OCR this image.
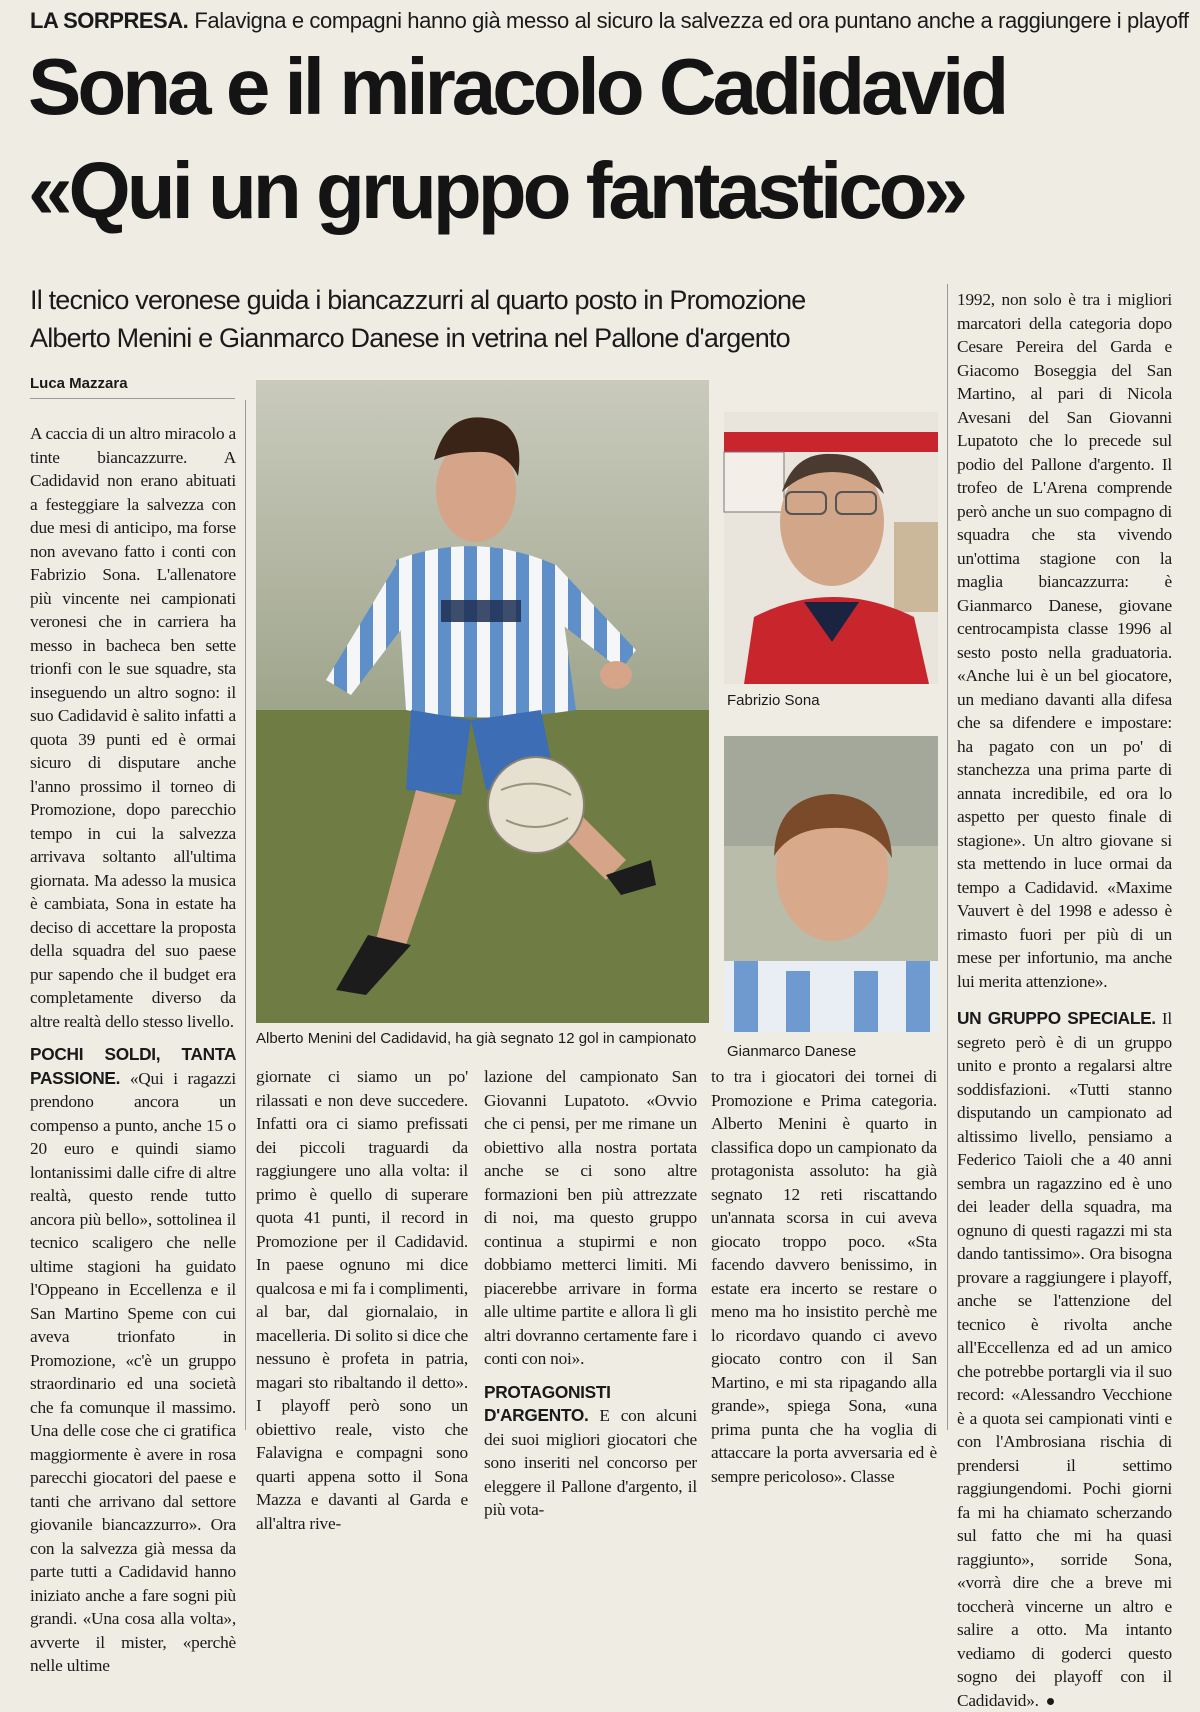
LA SORPRESA. Falavigna e compagni hanno già messo al sicuro la salvezza ed ora puntano anche a raggiungere i playoff
Sona e il miracolo Cadidavid
«Qui un gruppo fantastico»
Il tecnico veronese guida i biancazzurri al quarto posto in Promozione
Alberto Menini e Gianmarco Danese in vetrina nel Pallone d'argento
Luca Mazzara
Alberto Menini del Cadidavid, ha già segnato 12 gol in campionato
Fabrizio Sona
Gianmarco Danese

A caccia di un altro miracolo a tinte biancazzurre. A Cadidavid non erano abituati a festeggiare la salvezza con due mesi di anticipo, ma forse non avevano fatto i conti con Fabrizio Sona. L'allenatore più vincente nei campionati veronesi che in carriera ha messo in bacheca ben sette trionfi con le sue squadre, sta inseguendo un altro sogno: il suo Cadidavid è salito infatti a quota 39 punti ed è ormai sicuro di disputare anche l'anno prossimo il torneo di Promozione, dopo parecchio tempo in cui la salvezza arrivava soltanto all'ultima giornata. Ma adesso la musica è cambiata, Sona in estate ha deciso di accettare la proposta della squadra del suo paese pur sapendo che il budget era completamente diverso da altre realtà dello stesso livello.

POCHI SOLDI, TANTA PASSIONE. «Qui i ragazzi prendono ancora un compenso a punto, anche 15 o 20 euro e quindi siamo lontanissimi dalle cifre di altre realtà, questo rende tutto ancora più bello», sottolinea il tecnico scaligero che nelle ultime stagioni ha guidato l'Oppeano in Eccellenza e il San Martino Speme con cui aveva trionfato in Promozione, «c'è un gruppo straordinario ed una società che fa comunque il massimo. Una delle cose che ci gratifica maggiormente è avere in rosa parecchi giocatori del paese e tanti che arrivano dal settore giovanile biancazzurro». Ora con la salvezza già messa da parte tutti a Cadidavid hanno iniziato anche a fare sogni più grandi. «Una cosa alla volta», avverte il mister, «perchè nelle ultime

giornate ci siamo un po' rilassati e non deve succedere. Infatti ora ci siamo prefissati dei piccoli traguardi da raggiungere uno alla volta: il primo è quello di superare quota 41 punti, il record in Promozione per il Cadidavid. In paese ognuno mi dice qualcosa e mi fa i complimenti, al bar, dal giornalaio, in macelleria. Di solito si dice che nessuno è profeta in patria, magari sto ribaltando il detto». I playoff però sono un obiettivo reale, visto che Falavigna e compagni sono quarti appena sotto il Sona Mazza e davanti al Garda e all'altra rive-

lazione del campionato San Giovanni Lupatoto. «Ovvio che ci pensi, per me rimane un obiettivo alla nostra portata anche se ci sono altre formazioni ben più attrezzate di noi, ma questo gruppo continua a stupirmi e non dobbiamo metterci limiti. Mi piacerebbe arrivare in forma alle ultime partite e allora lì gli altri dovranno certamente fare i conti con noi».

PROTAGONISTI D'ARGENTO. E con alcuni dei suoi migliori giocatori che sono inseriti nel concorso per eleggere il Pallone d'argento, il più vota-

to tra i giocatori dei tornei di Promozione e Prima categoria. Alberto Menini è quarto in classifica dopo un campionato da protagonista assoluto: ha già segnato 12 reti riscattando un'annata scorsa in cui aveva giocato troppo poco. «Sta facendo davvero benissimo, in estate era incerto se restare o meno ma ho insistito perchè me lo ricordavo quando ci avevo giocato contro con il San Martino, e mi sta ripagando alla grande», spiega Sona, «una prima punta che ha voglia di attaccare la porta avversaria ed è sempre pericoloso». Classe

1992, non solo è tra i migliori marcatori della categoria dopo Cesare Pereira del Garda e Giacomo Boseggia del San Martino, al pari di Nicola Avesani del San Giovanni Lupatoto che lo precede sul podio del Pallone d'argento. Il trofeo de L'Arena comprende però anche un suo compagno di squadra che sta vivendo un'ottima stagione con la maglia biancazzurra: è Gianmarco Danese, giovane centrocampista classe 1996 al sesto posto nella graduatoria. «Anche lui è un bel giocatore, un mediano davanti alla difesa che sa difendere e impostare: ha pagato con un po' di stanchezza una prima parte di annata incredibile, ed ora lo aspetto per questo finale di stagione». Un altro giovane si sta mettendo in luce ormai da tempo a Cadidavid. «Maxime Vauvert è del 1998 e adesso è rimasto fuori per più di un mese per infortunio, ma anche lui merita attenzione».

UN GRUPPO SPECIALE. Il segreto però è di un gruppo unito e pronto a regalarsi altre soddisfazioni. «Tutti stanno disputando un campionato ad altissimo livello, pensiamo a Federico Taioli che a 40 anni sembra un ragazzino ed è uno dei leader della squadra, ma ognuno di questi ragazzi mi sta dando tantissimo». Ora bisogna provare a raggiungere i playoff, anche se l'attenzione del tecnico è rivolta anche all'Eccellenza ed ad un amico che potrebbe portargli via il suo record: «Alessandro Vecchione è a quota sei campionati vinti e con l'Ambrosiana rischia di prendersi il settimo raggiungendomi. Pochi giorni fa mi ha chiamato scherzando sul fatto che mi ha quasi raggiunto», sorride Sona, «vorrà dire che a breve mi toccherà vincerne un altro e salire a otto. Ma intanto vediamo di goderci questo sogno dei playoff con il Cadidavid».
